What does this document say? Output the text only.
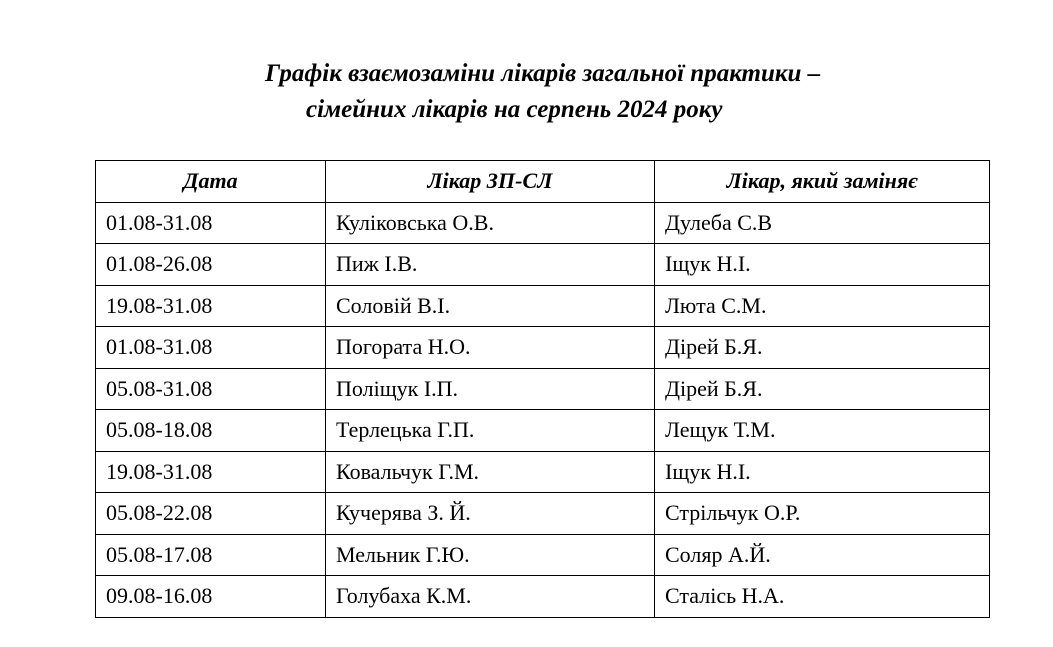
Графік взаємозаміни лікарів загальної практики –

сімейних лікарів на серпень 2024 року

Дата	Лікар ЗП-СЛ	Лікар, який заміняє
01.08-31.08	Куліковська О.В.	Дулеба С.В
01.08-26.08	Пиж І.В.	Іщук Н.І.
19.08-31.08	Соловій В.І.	Люта С.М.
01.08-31.08	Погората Н.О.	Дірей Б.Я.
05.08-31.08	Поліщук І.П.	Дірей Б.Я.
05.08-18.08	Терлецька Г.П.	Лещук Т.М.
19.08-31.08	Ковальчук Г.М.	Іщук Н.І.
05.08-22.08	Кучерява З. Й.	Стрільчук О.Р.
05.08-17.08	Мельник Г.Ю.	Соляр А.Й.
09.08-16.08	Голубаха К.М.	Сталісь Н.А.
